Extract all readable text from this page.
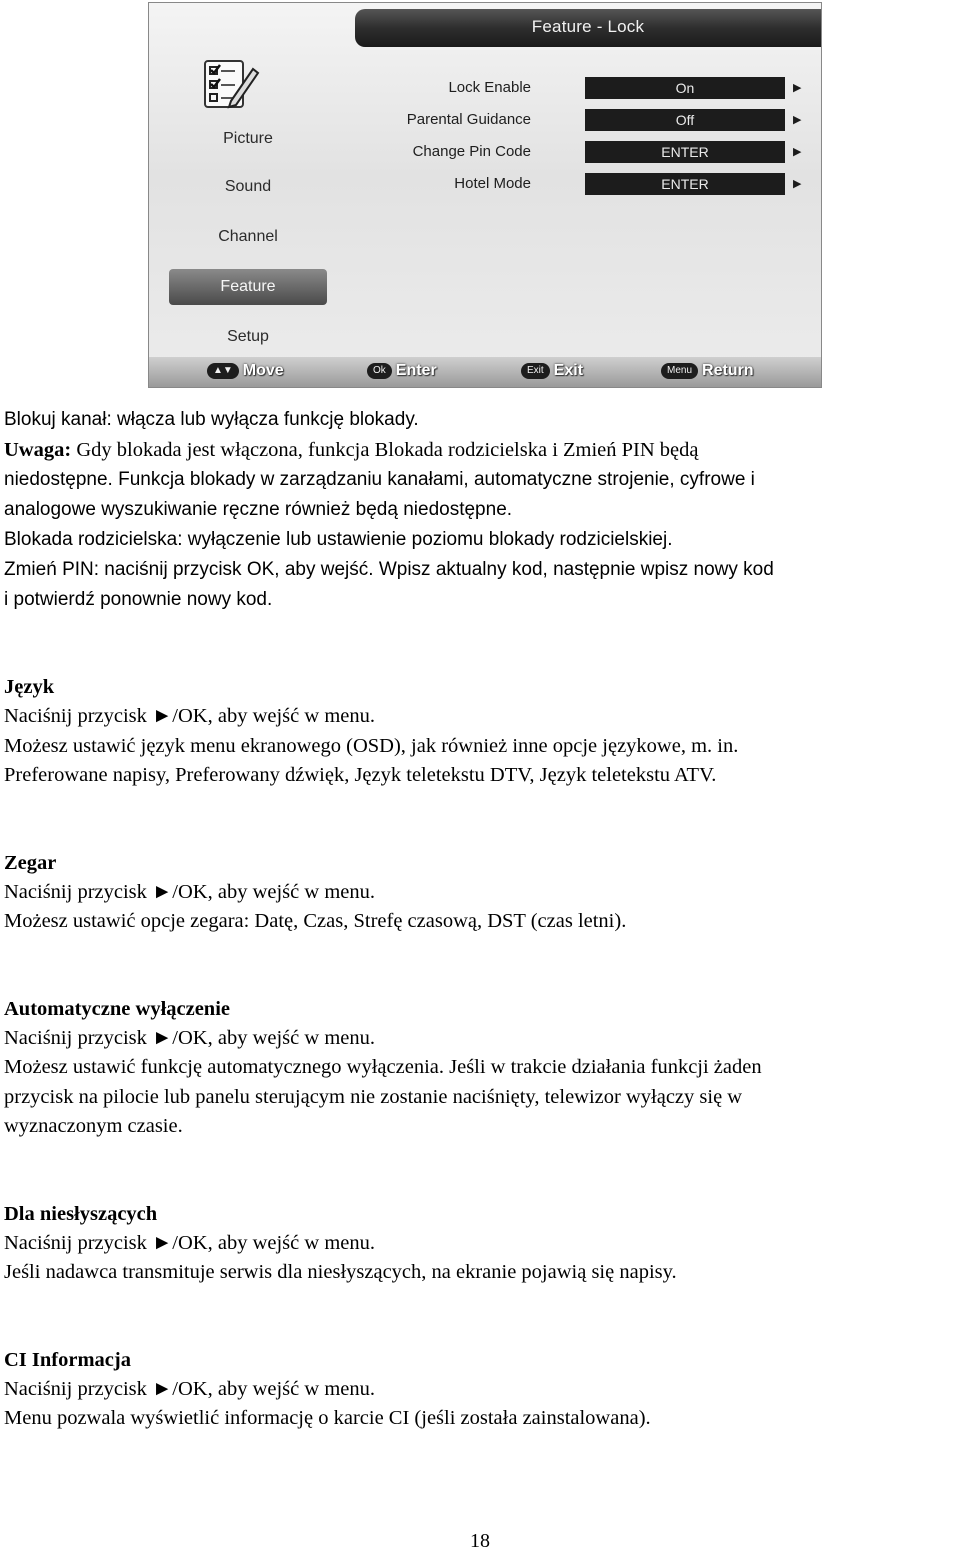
Feature - Lock
Picture
Sound
Channel
Feature
Setup
Lock Enable	On	▶
Parental Guidance	Off	▶
Change Pin Code	ENTER	▶
Hotel Mode	ENTER	▶
▲▼ Move	Ok Enter	Exit Exit	Menu Return
Blokuj kanał: włącza lub wyłącza funkcję blokady.
Uwaga: Gdy blokada jest włączona, funkcja Blokada rodzicielska i Zmień PIN będą
niedostępne. Funkcja blokady w zarządzaniu kanałami, automatyczne strojenie, cyfrowe i
analogowe wyszukiwanie ręczne również będą niedostępne.
Blokada rodzicielska: wyłączenie lub ustawienie poziomu blokady rodzicielskiej.
Zmień PIN: naciśnij przycisk OK, aby wejść. Wpisz aktualny kod, następnie wpisz nowy kod
i potwierdź ponownie nowy kod.
Język
Naciśnij przycisk ►/OK, aby wejść w menu.
Możesz ustawić język menu ekranowego (OSD), jak również inne opcje językowe, m. in.
Preferowane napisy, Preferowany dźwięk, Język teletekstu DTV, Język teletekstu ATV.
Zegar
Naciśnij przycisk ►/OK, aby wejść w menu.
Możesz ustawić opcje zegara: Datę, Czas, Strefę czasową, DST (czas letni).
Automatyczne wyłączenie
Naciśnij przycisk ►/OK, aby wejść w menu.
Możesz ustawić funkcję automatycznego wyłączenia. Jeśli w trakcie działania funkcji żaden
przycisk na pilocie lub panelu sterującym nie zostanie naciśnięty, telewizor wyłączy się w
wyznaczonym czasie.
Dla niesłyszących
Naciśnij przycisk ►/OK, aby wejść w menu.
Jeśli nadawca transmituje serwis dla niesłyszących, na ekranie pojawią się napisy.
CI Informacja
Naciśnij przycisk ►/OK, aby wejść w menu.
Menu pozwala wyświetlić informację o karcie CI (jeśli została zainstalowana).
18
